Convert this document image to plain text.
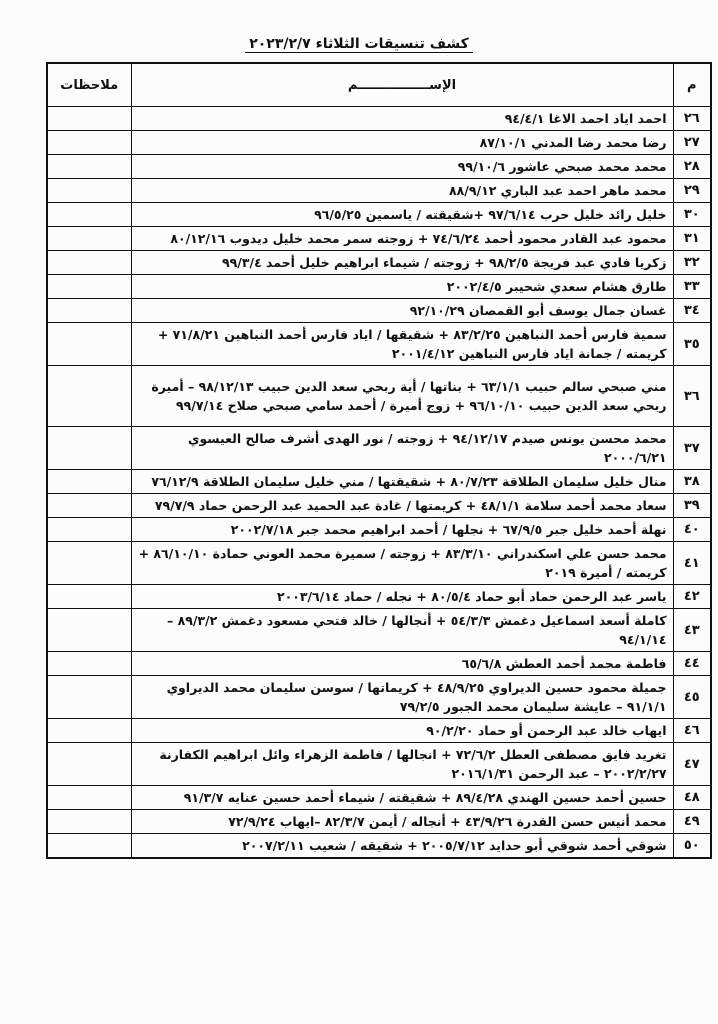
كشف تنسيقات الثلاثاء ٢٠٢٣/٢/٧
م	الإســــــــــــــــم	ملاحظات
٢٦	احمد اياد احمد الاغا ٩٤/٤/١	
٢٧	رضا محمد رضا المدني ٨٧/١٠/١	
٢٨	محمد محمد صبحي عاشور ٩٩/١٠/٦	
٢٩	محمد ماهر احمد عبد الباري ٨٨/٩/١٢	
٣٠	خليل رائد خليل حرب ٩٧/٦/١٤ +شقيقته / ياسمين ٩٦/٥/٢٥	
٣١	محمود عبد القادر محمود أحمد ٧٤/٦/٢٤ + زوجته سمر محمد خليل ديدوب ٨٠/١٢/١٦	
٣٢	زكريا فادي عبد فريجة ٩٨/٢/٥ + زوجته / شيماء ابراهيم خليل أحمد ٩٩/٣/٤	
٣٣	طارق هشام سعدي شحيبر ٢٠٠٢/٤/٥	
٣٤	غسان جمال يوسف أبو القمصان ٩٢/١٠/٢٩	
٣٥	سمية فارس أحمد النباهين ٨٣/٢/٢٥ + شقيقها / اياد فارس أحمد النباهين ٧١/٨/٢١ + كريمته / جمانة اياد فارس النباهين ٢٠٠١/٤/١٢	
٣٦	مني صبحي سالم حبيب ٦٣/١/١ + بناتها / أية ربحي سعد الدين حبيب ٩٨/١٢/١٣ – أميرة ربحي سعد الدين حبيب ٩٦/١٠/١٠ + زوج أميرة / أحمد سامي صبحي صلاح ٩٩/٧/١٤	
٣٧	محمد محسن يونس صيدم ٩٤/١٢/١٧ + زوجته / نور الهدى أشرف صالح العيسوي ٢٠٠٠/٦/٢١	
٣٨	منال خليل سليمان الطلاقة ٨٠/٧/٢٣ + شقيقتها / مني خليل سليمان الطلاقة ٧٦/١٢/٩	
٣٩	سعاد محمد أحمد سلامة ٤٨/١/١ + كريمتها / غادة عبد الحميد عبد الرحمن حماد ٧٩/٧/٩	
٤٠	نهلة أحمد خليل جبر ٦٧/٩/٥ + نجلها / أحمد ابراهيم محمد جبر ٢٠٠٢/٧/١٨	
٤١	محمد حسن علي اسكندراني ٨٣/٣/١٠ + زوجته / سميرة محمد العوني حمادة ٨٦/١٠/١٠ + كريمته / أميرة ٢٠١٩	
٤٢	ياسر عبد الرحمن حماد أبو حماد ٨٠/٥/٤ + نجله / حماد ٢٠٠٣/٦/١٤	
٤٣	كاملة أسعد اسماعيل دغمش ٥٤/٣/٣ + أنجالها / خالد فتحي مسعود دغمش ٨٩/٣/٢ – ٩٤/١/١٤	
٤٤	فاطمة محمد أحمد العطش ٦٥/٦/٨	
٤٥	جميلة محمود حسين الديراوي ٤٨/٩/٢٥ + كريماتها / سوسن سليمان محمد الديراوي ٩١/١/١ – عايشة سليمان محمد الجبور ٧٩/٢/٥	
٤٦	ايهاب خالد عبد الرحمن أو حماد ٩٠/٢/٢٠	
٤٧	تغريد فايق مصطفى العطل ٧٢/٦/٢ + انجالها / فاطمة الزهراء وائل ابراهيم الكفارنة ٢٠٠٢/٢/٢٧ – عبد الرحمن ٢٠١٦/١/٣١	
٤٨	حسين أحمد حسين الهندي ٨٩/٤/٢٨ + شقيقته / شيماء أحمد حسين عنايه ٩١/٣/٧	
٤٩	محمد أنيس حسن القدرة ٤٣/٩/٢٦ + أنجاله / أيمن ٨٢/٣/٧ –ايهاب ٧٢/٩/٢٤	
٥٠	شوقي أحمد شوقي أبو حدايد ٢٠٠٥/٧/١٢ + شقيقه / شعيب ٢٠٠٧/٢/١١	
